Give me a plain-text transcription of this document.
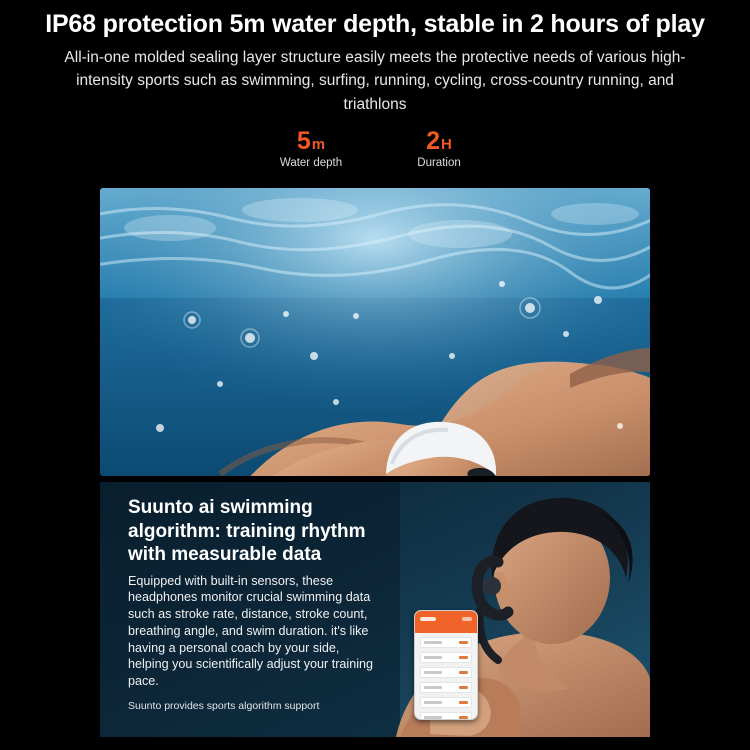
IP68 protection 5m water depth, stable in 2 hours of play

All-in-one molded sealing layer structure easily meets the protective needs of various high-intensity sports such as swimming, surfing, running, cycling, cross-country running, and triathlons

5m
Water depth
2H
Duration
Suunto ai swimming algorithm: training rhythm with measurable data

Equipped with built-in sensors, these headphones monitor crucial swimming data such as stroke rate, distance, stroke count, breathing angle, and swim duration. it's like having a personal coach by your side, helping you scientifically adjust your training pace.

Suunto provides sports algorithm support
